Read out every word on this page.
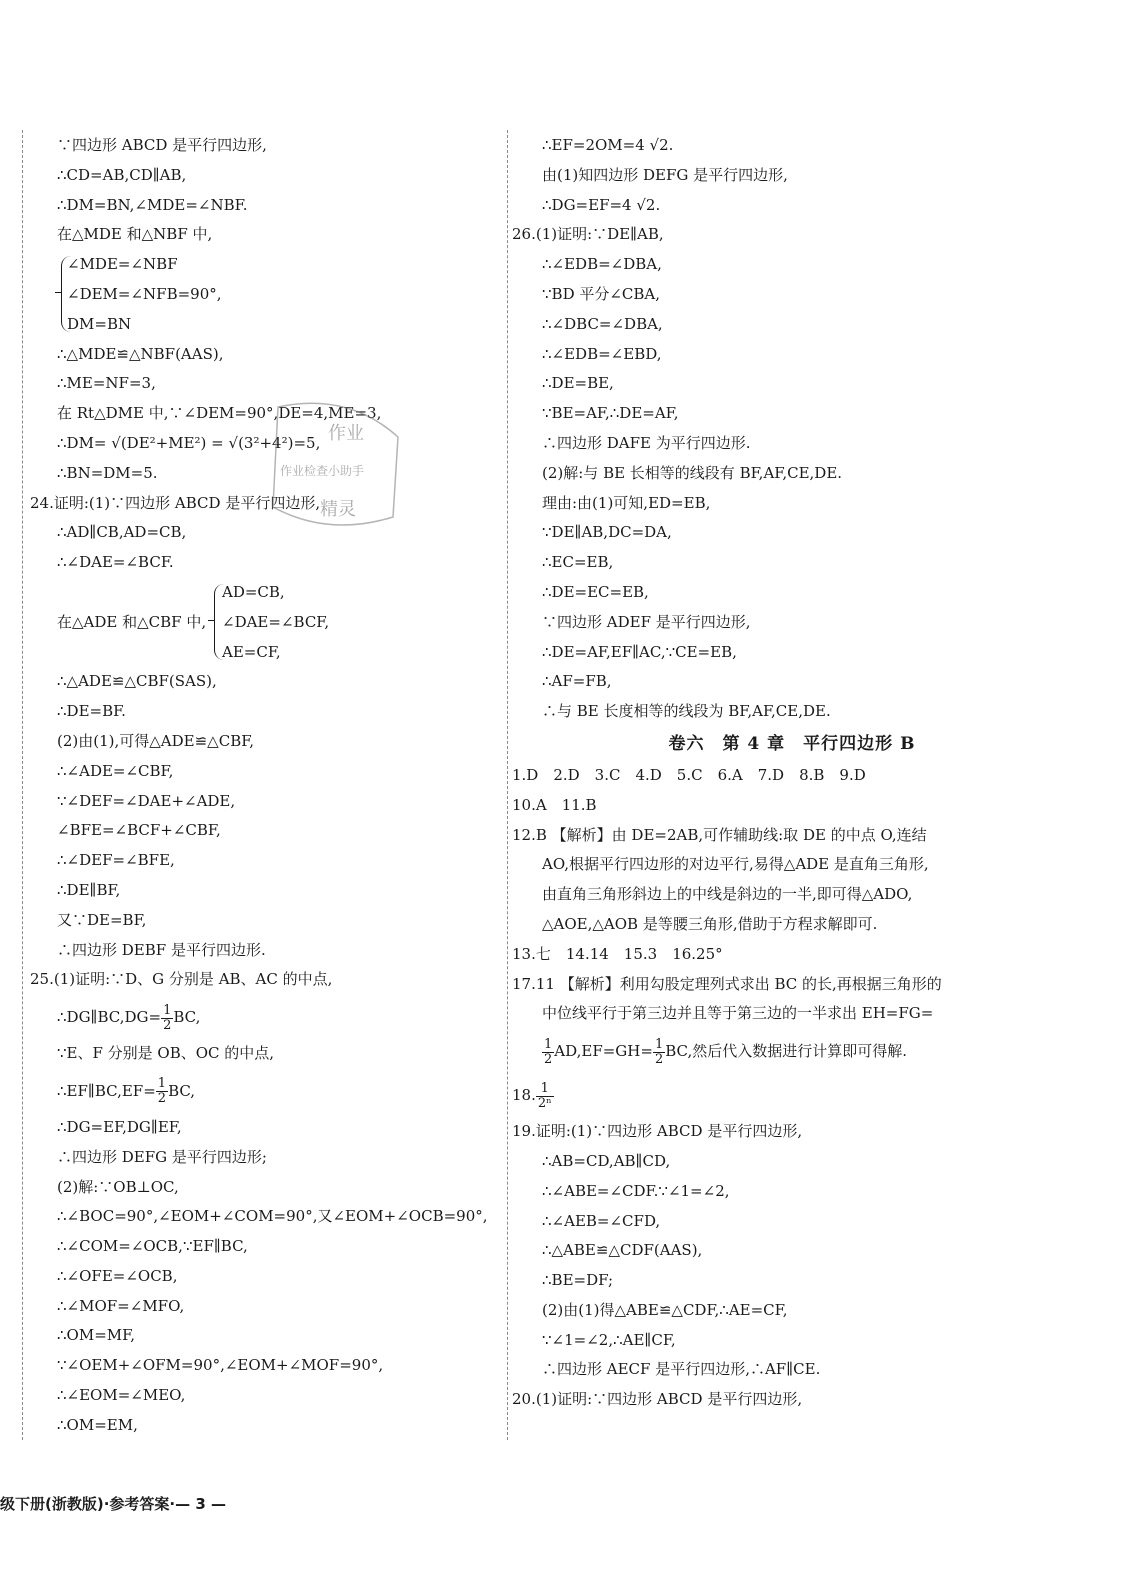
∵四边形 ABCD 是平行四边形,
∴CD=AB,CD∥AB,
∴DM=BN,∠MDE=∠NBF.
在△MDE 和△NBF 中,
∠MDE=∠NBF
∠DEM=∠NFB=90°,
DM=BN
∴△MDE≌△NBF(AAS),
∴ME=NF=3,
在 Rt△DME 中,∵∠DEM=90°,DE=4,ME=3,
∴DM= √(DE²+ME²) = √(3²+4²)=5,
∴BN=DM=5.
24.证明:(1)∵四边形 ABCD 是平行四边形,
∴AD∥CB,AD=CB,
∴∠DAE=∠BCF.
在△ADE 和△CBF 中,
AD=CB,
∠DAE=∠BCF,
AE=CF,
∴△ADE≌△CBF(SAS),
∴DE=BF.
(2)由(1),可得△ADE≌△CBF,
∴∠ADE=∠CBF,
∵∠DEF=∠DAE+∠ADE,
∠BFE=∠BCF+∠CBF,
∴∠DEF=∠BFE,
∴DE∥BF,
又∵DE=BF,
∴四边形 DEBF 是平行四边形.
25.(1)证明:∵D、G 分别是 AB、AC 的中点,
∴DG∥BC,DG= $\frac{1}{2}$ BC,
∵E、F 分别是 OB、OC 的中点,
∴EF∥BC,EF= $\frac{1}{2}$ BC,
∴DG=EF,DG∥EF,
∴四边形 DEFG 是平行四边形;
(2)解:∵OB⊥OC,
∴∠BOC=90°,∠EOM+∠COM=90°,又∠EOM+∠OCB=90°,
∴∠COM=∠OCB,∵EF∥BC,
∴∠OFE=∠OCB,
∴∠MOF=∠MFO,
∴OM=MF,
∵∠OEM+∠OFM=90°,∠EOM+∠MOF=90°,
∴∠EOM=∠MEO,
∴OM=EM,
∴EF=2OM=4 √2.
由(1)知四边形 DEFG 是平行四边形,
∴DG=EF=4 √2.
26.(1)证明:∵DE∥AB,
∴∠EDB=∠DBA,
∵BD 平分∠CBA,
∴∠DBC=∠DBA,
∴∠EDB=∠EBD,
∴DE=BE,
∵BE=AF,∴DE=AF,
∴四边形 DAFE 为平行四边形.
(2)解:与 BE 长相等的线段有 BF,AF,CE,DE.
理由:由(1)可知,ED=EB,
∵DE∥AB,DC=DA,
∴EC=EB,
∴DE=EC=EB,
∵四边形 ADEF 是平行四边形,
∴DE=AF,EF∥AC,∵CE=EB,
∴AF=FB,
∴与 BE 长度相等的线段为 BF,AF,CE,DE.
卷六　第 4 章　平行四边形 B
1.D　2.D　3.C　4.D　5.C　6.A　7.D　8.B　9.D
10.A　11.B
12.B 【解析】由 DE=2AB,可作辅助线:取 DE 的中点 O,连结
AO,根据平行四边形的对边平行,易得△ADE 是直角三角形,
由直角三角形斜边上的中线是斜边的一半,即可得△ADO,
△AOE,△AOB 是等腰三角形,借助于方程求解即可.
13.七　14.14　15.3　16.25°
17.11 【解析】利用勾股定理列式求出 BC 的长,再根据三角形的
中位线平行于第三边并且等于第三边的一半求出 EH=FG=
$\frac{1}{2} AD,EF=GH= \frac{1}{2}$ BC,然后代入数据进行计算即可得解.
18. $\frac{1}{\text{2ⁿ}}$
19.证明:(1)∵四边形 ABCD 是平行四边形,
∴AB=CD,AB∥CD,
∴∠ABE=∠CDF.∵∠1=∠2,
∴∠AEB=∠CFD,
∴△ABE≌△CDF(AAS),
∴BE=DF;
(2)由(1)得△ABE≌△CDF,∴AE=CF,
∵∠1=∠2,∴AE∥CF,
∴四边形 AECF 是平行四边形,∴AF∥CE.
20.(1)证明:∵四边形 ABCD 是平行四边形,
作业
作业检查小助手
精灵
级下册(浙教版)·参考答案·— 3 —
